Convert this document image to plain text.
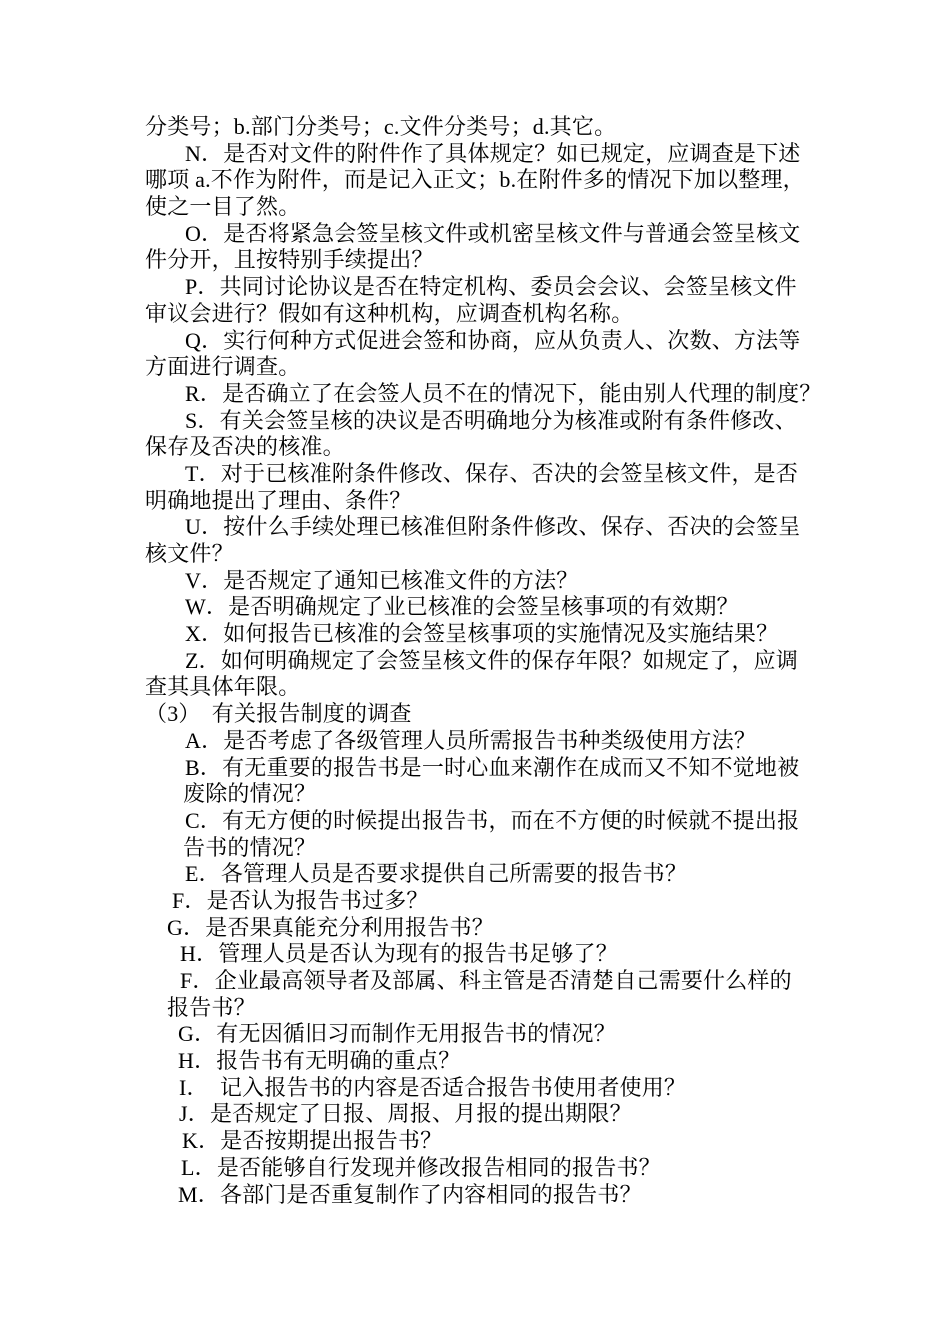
分类号；b.部门分类号；c.文件分类号；d.其它。
N．是否对文件的附件作了具体规定？如已规定，应调查是下述
哪项 a.不作为附件，而是记入正文；b.在附件多的情况下加以整理，
使之一目了然。
O．是否将紧急会签呈核文件或机密呈核文件与普通会签呈核文
件分开，且按特别手续提出？
P．共同讨论协议是否在特定机构、委员会会议、会签呈核文件
审议会进行？假如有这种机构，应调查机构名称。
Q．实行何种方式促进会签和协商，应从负责人、次数、方法等
方面进行调查。
R．是否确立了在会签人员不在的情况下，能由别人代理的制度？
S．有关会签呈核的决议是否明确地分为核准或附有条件修改、
保存及否决的核准。
T．对于已核准附条件修改、保存、否决的会签呈核文件，是否
明确地提出了理由、条件？
U．按什么手续处理已核准但附条件修改、保存、否决的会签呈
核文件？
V．是否规定了通知已核准文件的方法？
W．是否明确规定了业已核准的会签呈核事项的有效期？
X．如何报告已核准的会签呈核事项的实施情况及实施结果？
Z．如何明确规定了会签呈核文件的保存年限？如规定了，应调
查其具体年限。
（3）　有关报告制度的调查
A．是否考虑了各级管理人员所需报告书种类级使用方法？
B．有无重要的报告书是一时心血来潮作在成而又不知不觉地被
废除的情况？
C．有无方便的时候提出报告书，而在不方便的时候就不提出报
告书的情况？
E．各管理人员是否要求提供自己所需要的报告书？
F．是否认为报告书过多？
G．是否果真能充分利用报告书？
H．管理人员是否认为现有的报告书足够了？
F．企业最高领导者及部属、科主管是否清楚自己需要什么样的
报告书？
G．有无因循旧习而制作无用报告书的情况？
H．报告书有无明确的重点？
I．　记入报告书的内容是否适合报告书使用者使用？
J．是否规定了日报、周报、月报的提出期限？
K．是否按期提出报告书？
L．是否能够自行发现并修改报告相同的报告书？
M．各部门是否重复制作了内容相同的报告书？
